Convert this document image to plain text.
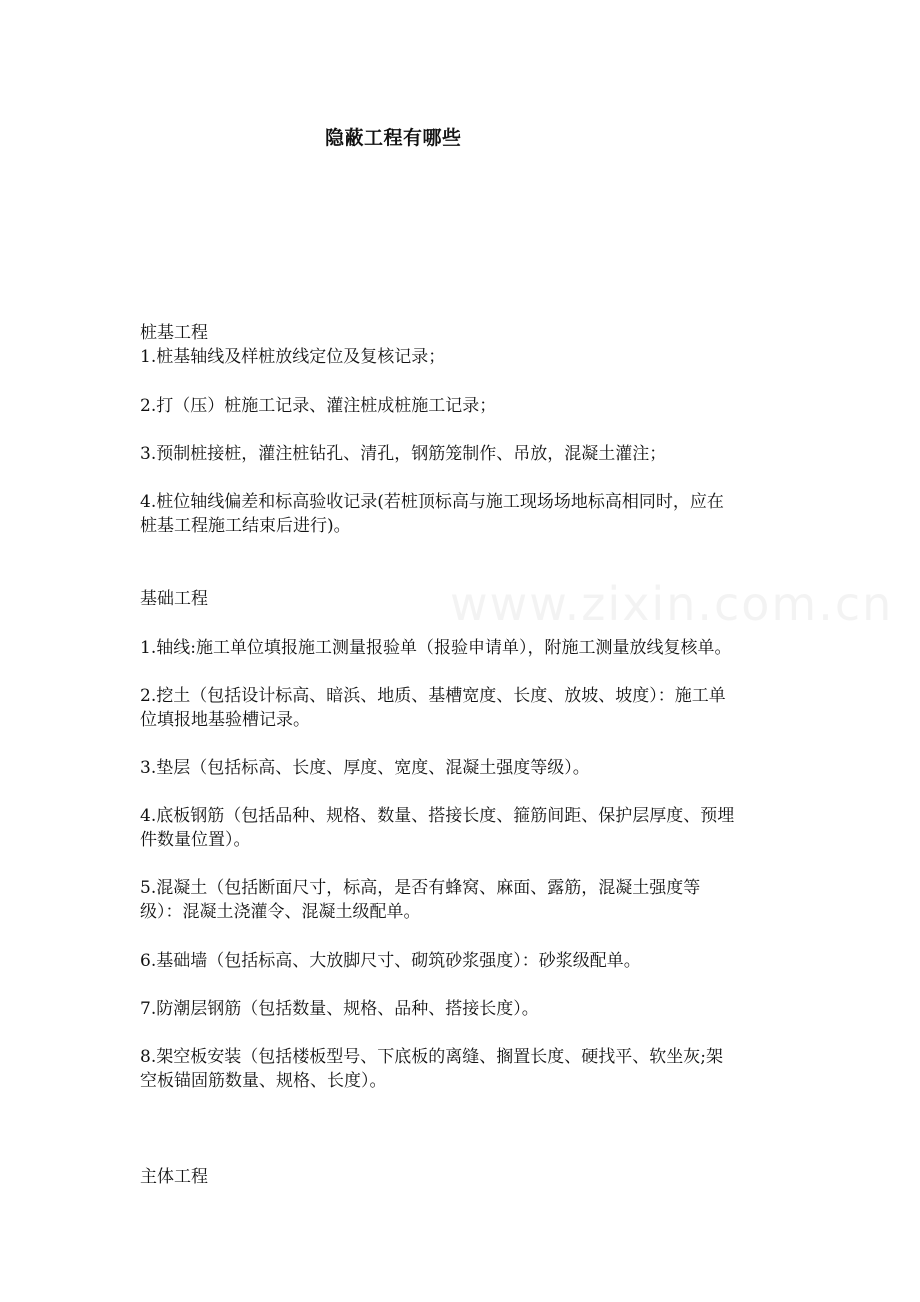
www.zixin.com.cn
隐蔽工程有哪些

桩基工程

1.桩基轴线及样桩放线定位及复核记录；

2.打（压）桩施工记录、灌注桩成桩施工记录；

3.预制桩接桩，灌注桩钻孔、清孔，钢筋笼制作、吊放，混凝土灌注；

4.桩位轴线偏差和标高验收记录(若桩顶标高与施工现场场地标高相同时，应在

桩基工程施工结束后进行)。

基础工程

1.轴线:施工单位填报施工测量报验单（报验申请单），附施工测量放线复核单。

2.挖土（包括设计标高、暗浜、地质、基槽宽度、长度、放坡、坡度）：施工单

位填报地基验槽记录。

3.垫层（包括标高、长度、厚度、宽度、混凝土强度等级）。

4.底板钢筋（包括品种、规格、数量、搭接长度、箍筋间距、保护层厚度、预埋

件数量位置）。

5.混凝土（包括断面尺寸，标高，是否有蜂窝、麻面、露筋，混凝土强度等

级）：混凝土浇灌令、混凝土级配单。

6.基础墙（包括标高、大放脚尺寸、砌筑砂浆强度）：砂浆级配单。

7.防潮层钢筋（包括数量、规格、品种、搭接长度）。

8.架空板安装（包括楼板型号、下底板的离缝、搁置长度、硬找平、软坐灰;架

空板锚固筋数量、规格、长度）。

主体工程
